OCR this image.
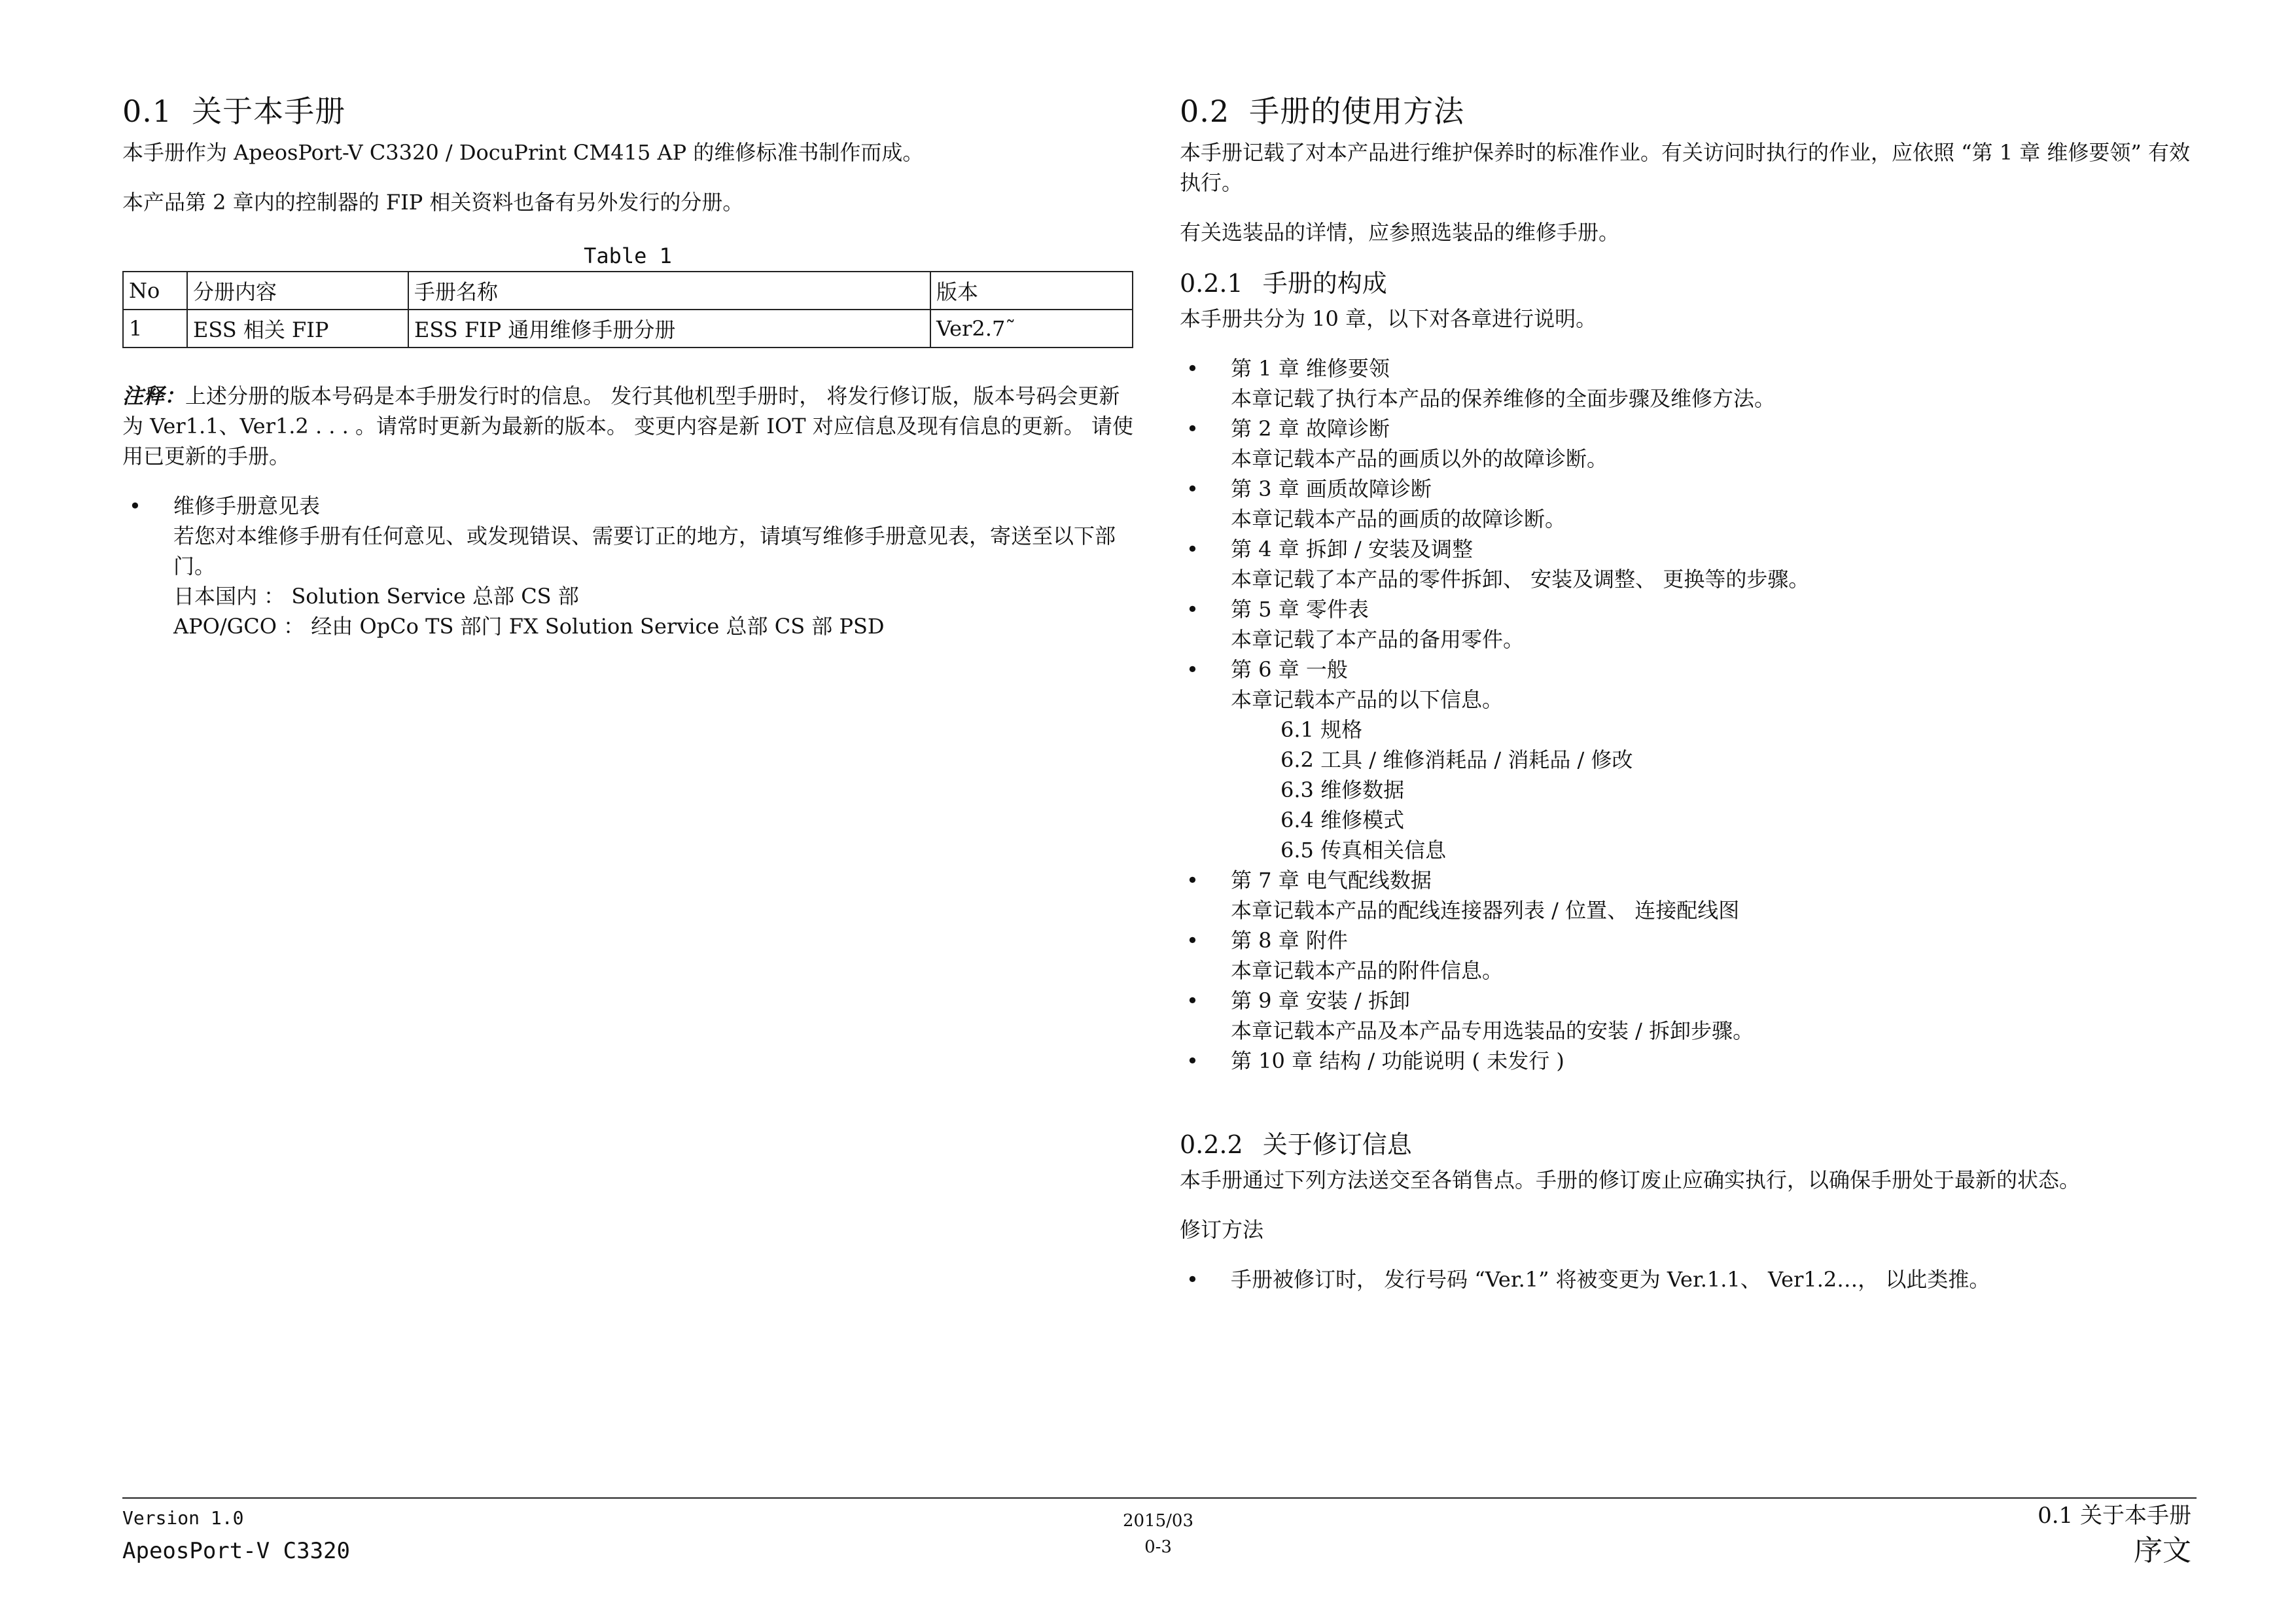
0.1 关于本手册

本手册作为 ApeosPort-V C3320 / DocuPrint CM415 AP 的维修标准书制作而成。

本产品第 2 章内的控制器的 FIP 相关资料也备有另外发行的分册。

Table 1
No	分册内容	手册名称	版本
1	ESS 相关 FIP	ESS FIP 通用维修手册分册	Ver2.7˜

注释：上述分册的版本号码是本手册发行时的信息。 发行其他机型手册时， 将发行修订版，版本号码会更新为 Ver1.1、Ver1.2 . . . 。请常时更新为最新的版本。 变更内容是新 IOT 对应信息及现有信息的更新。 请使用已更新的手册。

• 维修手册意见表
若您对本维修手册有任何意见、或发现错误、需要订正的地方，请填写维修手册意见表，寄送至以下部门。
日本国内 ： Solution Service 总部 CS 部
APO/GCO ： 经由 OpCo TS 部门 FX Solution Service 总部 CS 部 PSD
0.2 手册的使用方法

本手册记载了对本产品进行维护保养时的标准作业。有关访问时执行的作业，应依照 “第 1 章 维修要领” 有效执行。

有关选装品的详情，应参照选装品的维修手册。

0.2.1 手册的构成

本手册共分为 10 章，以下对各章进行说明。

• 第 1 章 维修要领
本章记载了执行本产品的保养维修的全面步骤及维修方法。
• 第 2 章 故障诊断
本章记载本产品的画质以外的故障诊断。
• 第 3 章 画质故障诊断
本章记载本产品的画质的故障诊断。
• 第 4 章 拆卸 / 安装及调整
本章记载了本产品的零件拆卸、 安装及调整、 更换等的步骤。
• 第 5 章 零件表
本章记载了本产品的备用零件。
• 第 6 章 一般
本章记载本产品的以下信息。
6.1 规格
6.2 工具 / 维修消耗品 / 消耗品 / 修改
6.3 维修数据
6.4 维修模式
6.5 传真相关信息
• 第 7 章 电气配线数据
本章记载本产品的配线连接器列表 / 位置、 连接配线图
• 第 8 章 附件
本章记载本产品的附件信息。
• 第 9 章 安装 / 拆卸
本章记载本产品及本产品专用选装品的安装 / 拆卸步骤。
• 第 10 章 结构 / 功能说明 ( 未发行 )
0.2.2 关于修订信息

本手册通过下列方法送交至各销售点。手册的修订废止应确实执行，以确保手册处于最新的状态。

修订方法

• 手册被修订时， 发行号码 “Ver.1” 将被变更为 Ver.1.1、 Ver1.2…， 以此类推。
Version 1.0
ApeosPort-V C3320
2015/03
0-3
0.1 关于本手册
序文
